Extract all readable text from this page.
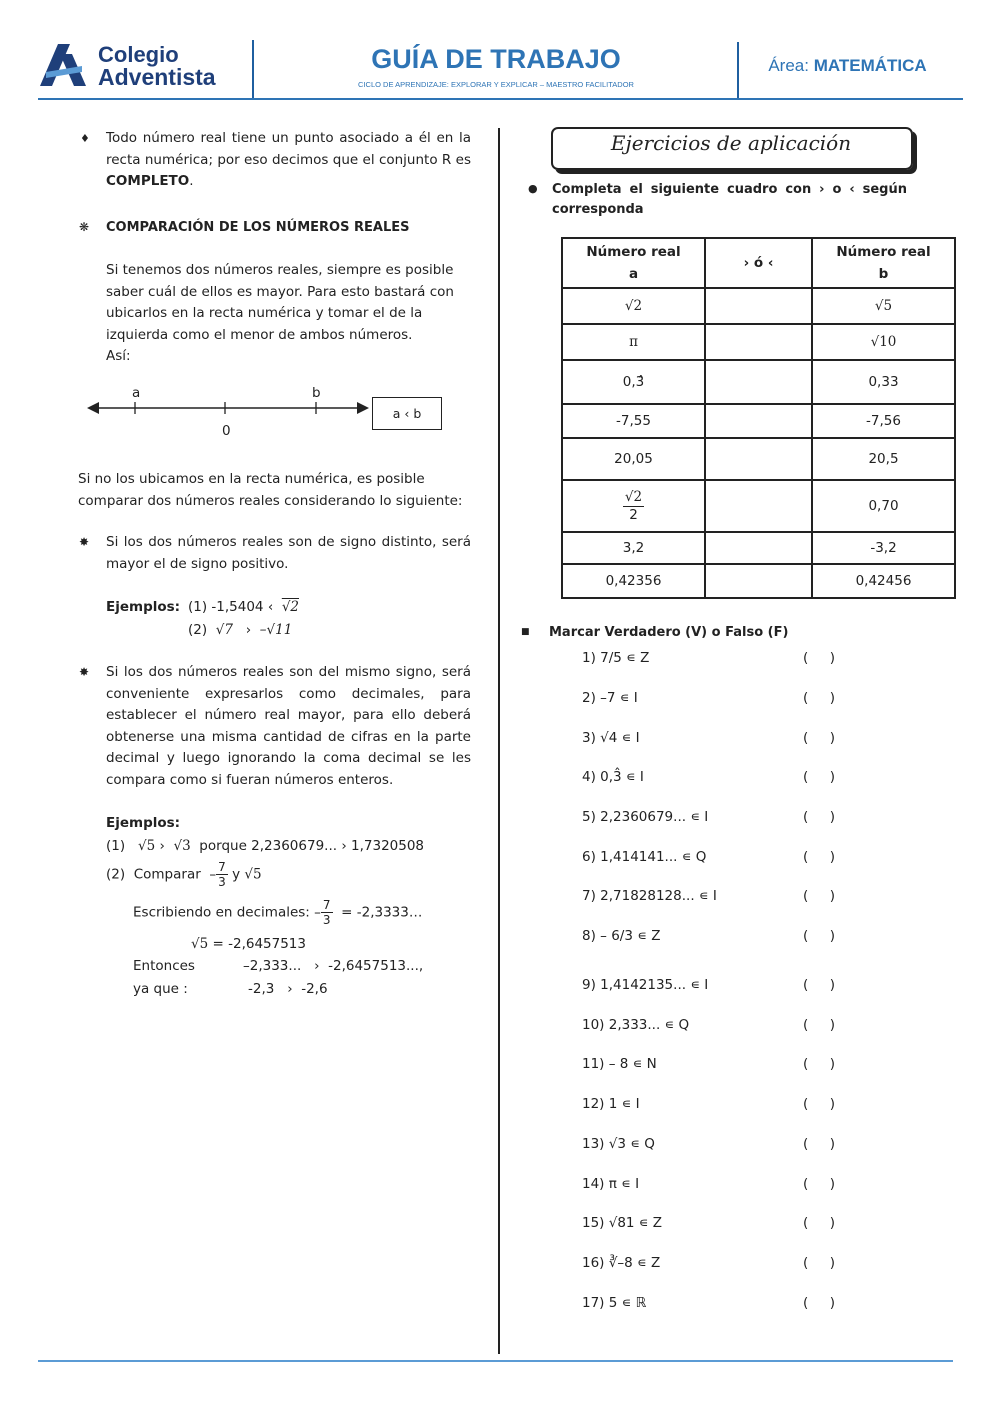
Colegio
Adventista
GUÍA DE TRABAJO
CICLO DE APRENDIZAJE: EXPLORAR Y EXPLICAR – MAESTRO FACILITADOR
Área: MATEMÁTICA
♦ Todo número real tiene un punto asociado a él en la recta numérica; por eso decimos que el conjunto R es COMPLETO.
❋ COMPARACIÓN DE LOS NÚMEROS REALES
Si tenemos dos números reales, siempre es posible saber cuál de ellos es mayor. Para esto bastará con ubicarlos en la recta numérica y tomar el de la izquierda como el menor de ambos números.
Así:
a	b
0
a ‹ b
Si no los ubicamos en la recta numérica, es posible comparar dos números reales considerando lo siguiente:
✸ Si los dos números reales son de signo distinto, será mayor el de signo positivo.
Ejemplos: (1) -1,5404 ‹ √2
(2) √7 › –√11
✸ Si los dos números reales son del mismo signo, será conveniente expresarlos como decimales, para establecer el número real mayor, para ello deberá obtenerse una misma cantidad de cifras en la parte decimal y luego ignorando la coma decimal se les compara como si fueran números enteros.
Ejemplos:
(1) √5 › √3 porque 2,2360679... › 1,7320508
(2) Comparar  – $\frac{7}{3}$ y √5
Escribiendo en decimales: – $\frac{7}{3}$ = -2,3333…
√5 = -2,6457513
Entonces	–2,333...   ›  -2,6457513...,
ya que :	-2,3   ›  -2,6
Ejercicios de aplicación
● Completa el siguiente cuadro con › o ‹ según corresponda
Número real a	› ó ‹	Número real b
√2		√5
π		√10
0,3̂		0,33
-7,55		-7,56
20,05		20,5

$\frac{√2}{2}$		0,70
3,2		-3,2
0,42356		0,42456
■ Marcar Verdadero (V) o Falso (F)
1) 7/5 ∊ Z	(     )
2) –7 ∊ I	(     )
3) √4 ∊ I	(     )
4) 0,3̂ ∊ I	(     )
5) 2,2360679... ∊ I	(     )
6) 1,414141... ∊ Q	(     )
7) 2,71828128... ∊ I	(     )
8) – 6/3 ∊ Z	(     )
9) 1,4142135... ∊ I	(     )
10) 2,333... ∊ Q	(     )
11) – 8 ∊ N	(     )
12) 1 ∊ I	(     )
13) √3 ∊ Q	(     )
14) π ∊ I	(     )
15) √81 ∊ Z	(     )
16) ∛–8 ∊ Z	(     )
17) 5 ∊ ℝ	(     )
